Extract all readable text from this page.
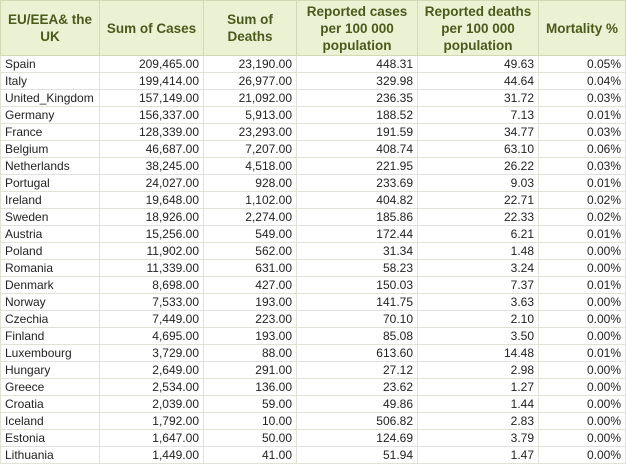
EU/EEA& the UK	Sum of Cases	Sum of Deaths	Reported cases per 100 000 population	Reported deaths per 100 000 population	Mortality %
Spain	209,465.00	23,190.00	448.31	49.63	0.05%
Italy	199,414.00	26,977.00	329.98	44.64	0.04%
United_Kingdom	157,149.00	21,092.00	236.35	31.72	0.03%
Germany	156,337.00	5,913.00	188.52	7.13	0.01%
France	128,339.00	23,293.00	191.59	34.77	0.03%
Belgium	46,687.00	7,207.00	408.74	63.10	0.06%
Netherlands	38,245.00	4,518.00	221.95	26.22	0.03%
Portugal	24,027.00	928.00	233.69	9.03	0.01%
Ireland	19,648.00	1,102.00	404.82	22.71	0.02%
Sweden	18,926.00	2,274.00	185.86	22.33	0.02%
Austria	15,256.00	549.00	172.44	6.21	0.01%
Poland	11,902.00	562.00	31.34	1.48	0.00%
Romania	11,339.00	631.00	58.23	3.24	0.00%
Denmark	8,698.00	427.00	150.03	7.37	0.01%
Norway	7,533.00	193.00	141.75	3.63	0.00%
Czechia	7,449.00	223.00	70.10	2.10	0.00%
Finland	4,695.00	193.00	85.08	3.50	0.00%
Luxembourg	3,729.00	88.00	613.60	14.48	0.01%
Hungary	2,649.00	291.00	27.12	2.98	0.00%
Greece	2,534.00	136.00	23.62	1.27	0.00%
Croatia	2,039.00	59.00	49.86	1.44	0.00%
Iceland	1,792.00	10.00	506.82	2.83	0.00%
Estonia	1,647.00	50.00	124.69	3.79	0.00%
Lithuania	1,449.00	41.00	51.94	1.47	0.00%
